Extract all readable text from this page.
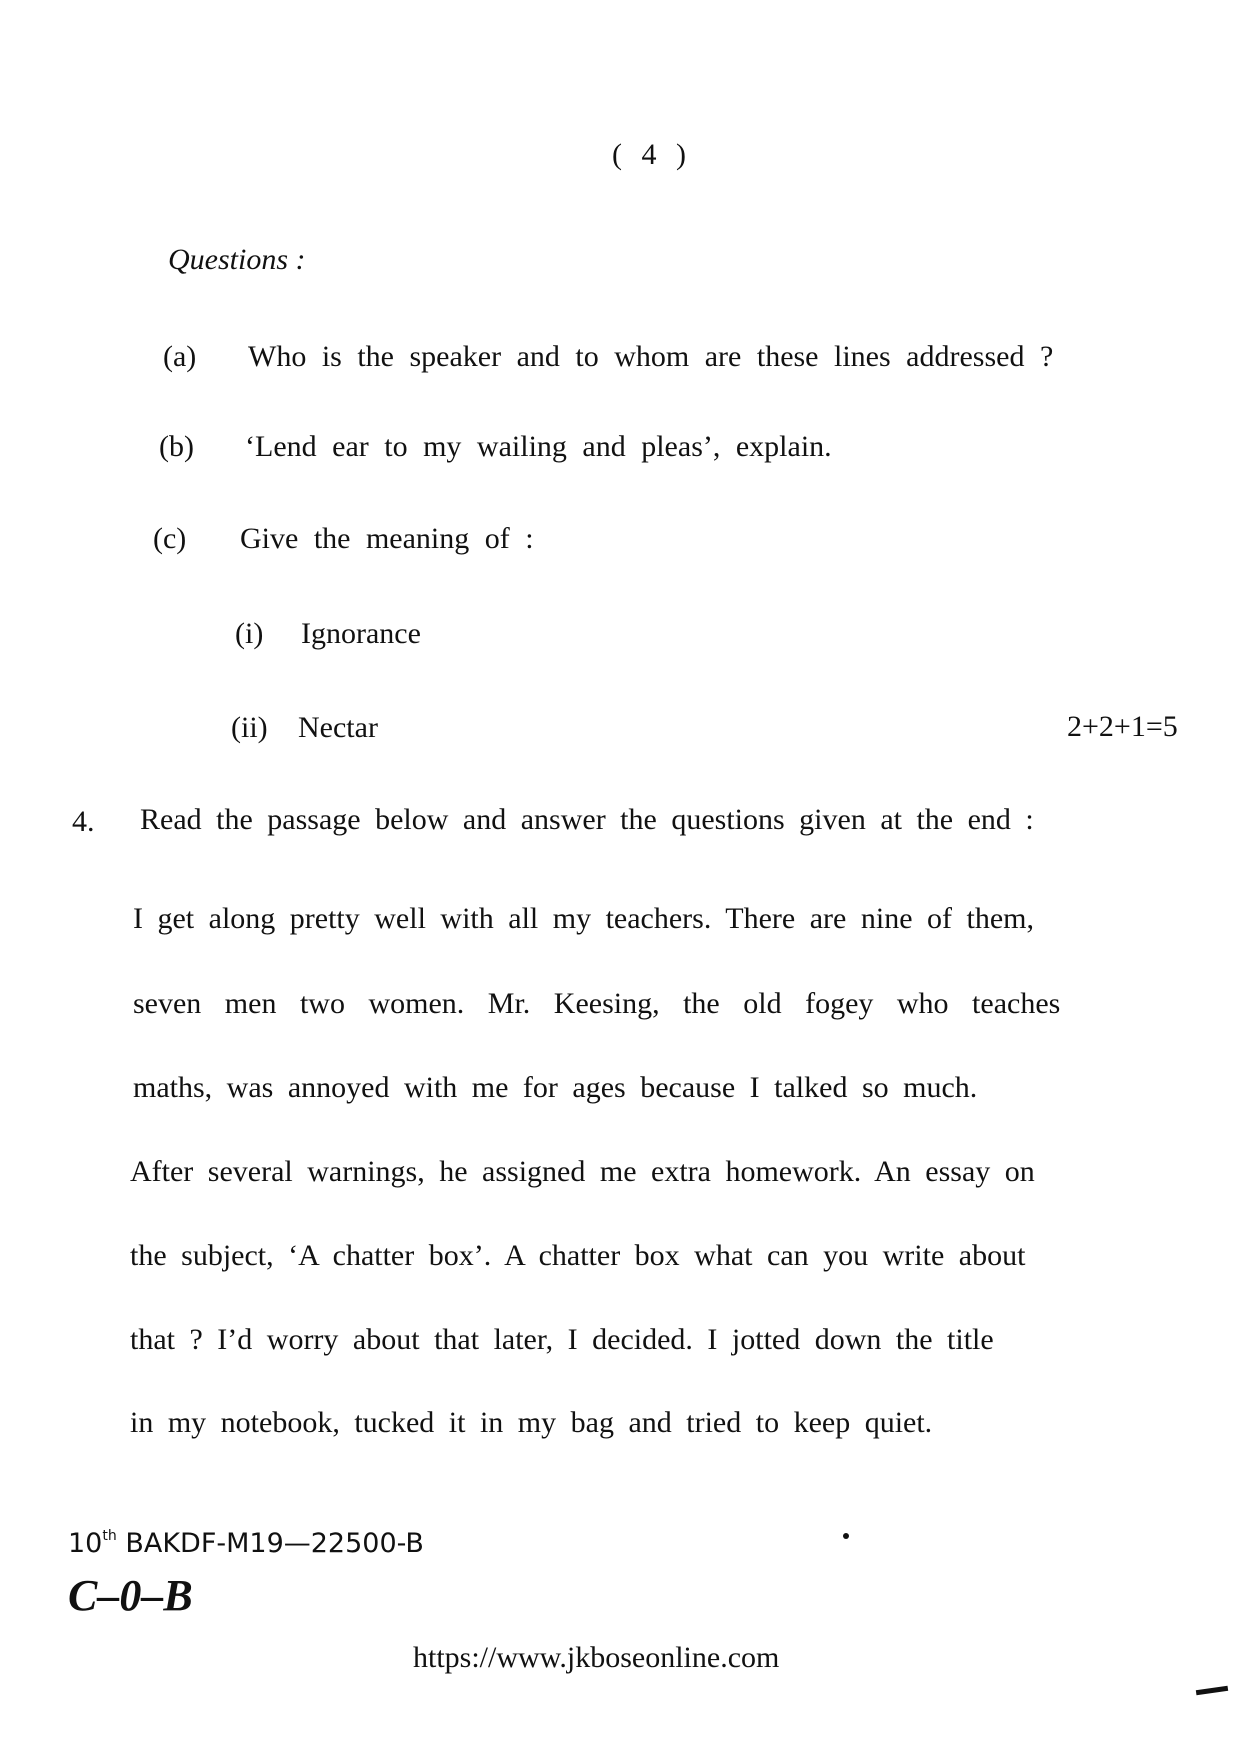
( 4 )
Questions :
(a) Who is the speaker and to whom are these lines addressed ?
(b) ‘Lend ear to my wailing and pleas’, explain.
(c) Give the meaning of :
(i) Ignorance
(ii) Nectar	2+2+1=5
4. Read the passage below and answer the questions given at the end :
I get along pretty well with all my teachers. There are nine of them,
seven men two women. Mr. Keesing, the old fogey who teaches
maths, was annoyed with me for ages because I talked so much.
After several warnings, he assigned me extra homework. An essay on
the subject, ‘A chatter box’. A chatter box what can you write about
that ? I’d worry about that later, I decided. I jotted down the title
in my notebook, tucked it in my bag and tried to keep quiet.
10th BAKDF-M19—22500-B
C–0–B
https://www.jkboseonline.com
